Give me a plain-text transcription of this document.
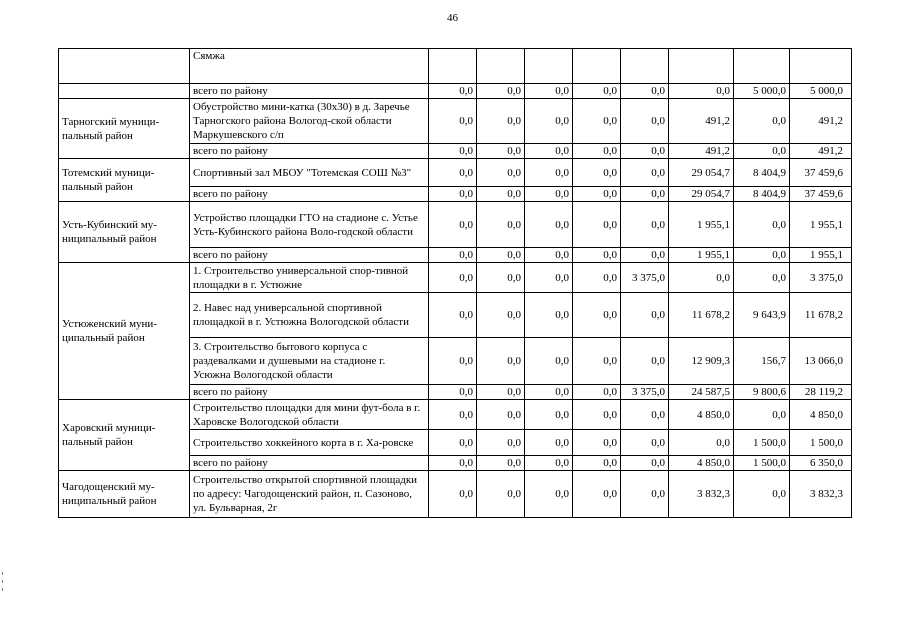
46
	Сямжа								
	всего по району	0,0	0,0	0,0	0,0	0,0	0,0	5 000,0	5 000,0
Тарногский муници-пальный район	Обустройство мини-катка (30х30) в д. Заречье Тарногского района Вологод-ской области Маркушевского с/п	0,0	0,0	0,0	0,0	0,0	491,2	0,0	491,2
	всего по району	0,0	0,0	0,0	0,0	0,0	491,2	0,0	491,2
Тотемский муници-пальный район	Спортивный зал МБОУ "Тотемская СОШ №3"	0,0	0,0	0,0	0,0	0,0	29 054,7	8 404,9	37 459,6
	всего по району	0,0	0,0	0,0	0,0	0,0	29 054,7	8 404,9	37 459,6
Усть-Кубинский му-ниципальный район	Устройство площадки ГТО на стадионе с. Устье Усть-Кубинского района Воло-годской области	0,0	0,0	0,0	0,0	0,0	1 955,1	0,0	1 955,1
	всего по району	0,0	0,0	0,0	0,0	0,0	1 955,1	0,0	1 955,1
Устюженский муни-ципальный район	1. Строительство универсальной спор-тивной площадки в г. Устюжне	0,0	0,0	0,0	0,0	3 375,0	0,0	0,0	3 375,0
	2. Навес над универсальной спортивной площадкой в г. Устюжна Вологодской области	0,0	0,0	0,0	0,0	0,0	11 678,2	9 643,9	11 678,2
	3. Строительство бытового корпуса с раздевалками и душевыми на стадионе г. Усюжна Вологодской области	0,0	0,0	0,0	0,0	0,0	12 909,3	156,7	13 066,0
	всего по району	0,0	0,0	0,0	0,0	3 375,0	24 587,5	9 800,6	28 119,2
Харовский муници-пальный район	Строительство площадки для мини фут-бола в г. Харовске Вологодской области	0,0	0,0	0,0	0,0	0,0	4 850,0	0,0	4 850,0
	Строительство хоккейного корта в г. Ха-ровске	0,0	0,0	0,0	0,0	0,0	0,0	1 500,0	1 500,0
	всего по району	0,0	0,0	0,0	0,0	0,0	4 850,0	1 500,0	6 350,0
Чагодощенский му-ниципальный район	Строительство открытой спортивной площадки по адресу: Чагодощенский район, п. Сазоново, ул. Бульварная, 2г	0,0	0,0	0,0	0,0	0,0	3 832,3	0,0	3 832,3
